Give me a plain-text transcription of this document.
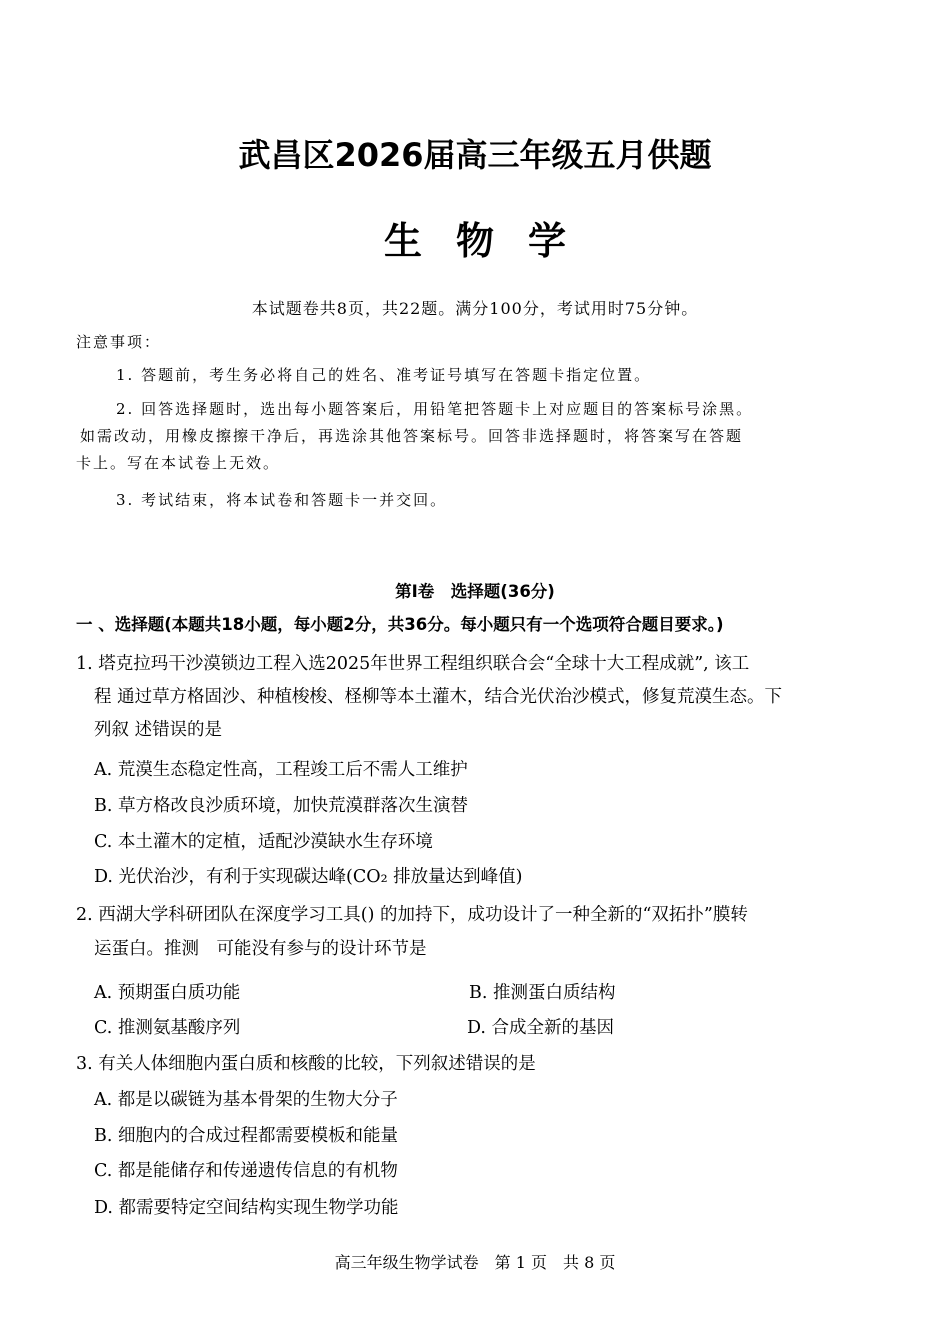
武昌区2026届高三年级五月供题
生物学
本试题卷共8页，共22题。满分100分，考试用时75分钟。
注意事项：
1. 答题前，考生务必将自己的姓名、准考证号填写在答题卡指定位置。
2. 回答选择题时，选出每小题答案后，用铅笔把答题卡上对应题目的答案标号涂黑。
如需改动，用橡皮擦擦干净后，再选涂其他答案标号。回答非选择题时，将答案写在答题
卡上。写在本试卷上无效。
3. 考试结束，将本试卷和答题卡一并交回。
第Ⅰ卷　选择题(36分)
一 、选择题(本题共18小题，每小题2分，共36分。每小题只有一个选项符合题目要求。)
1. 塔克拉玛干沙漠锁边工程入选2025年世界工程组织联合会“全球十大工程成就”, 该工
程 通过草方格固沙、种植梭梭、柽柳等本土灌木，结合光伏治沙模式，修复荒漠生态。下
列叙 述错误的是
A. 荒漠生态稳定性高，工程竣工后不需人工维护
B. 草方格改良沙质环境，加快荒漠群落次生演替
C. 本土灌木的定植，适配沙漠缺水生存环境
D. 光伏治沙，有利于实现碳达峰(CO₂ 排放量达到峰值)
2. 西湖大学科研团队在深度学习工具() 的加持下，成功设计了一种全新的“双拓扑”膜转
运蛋白。推测　可能没有参与的设计环节是
A. 预期蛋白质功能	B. 推测蛋白质结构
C. 推测氨基酸序列	D. 合成全新的基因
3. 有关人体细胞内蛋白质和核酸的比较，下列叙述错误的是
A. 都是以碳链为基本骨架的生物大分子
B. 细胞内的合成过程都需要模板和能量
C. 都是能储存和传递遗传信息的有机物
D. 都需要特定空间结构实现生物学功能
高三年级生物学试卷　第 1 页　共 8 页
